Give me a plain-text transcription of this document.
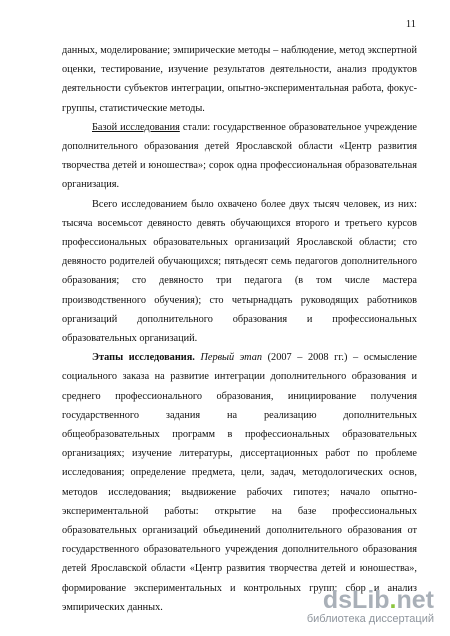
11

данных, моделирование; эмпирические методы – наблюдение, метод экспертной оценки, тестирование, изучение результатов деятельности, анализ продуктов деятельности субъектов интеграции, опытно-экспериментальная работа, фокус-группы, статистические методы.

Базой исследования стали: государственное образовательное учреждение дополнительного образования детей Ярославской области «Центр развития творчества детей и юношества»; сорок одна профессиональная образовательная организация.

Всего исследованием было охвачено более двух тысяч человек, из них: тысяча восемьсот девяносто девять обучающихся второго и третьего курсов профессиональных образовательных организаций Ярославской области; сто девяносто родителей обучающихся; пятьдесят семь педагогов дополнительного образования; сто девяносто три педагога (в том числе мастера производственного обучения); сто четырнадцать руководящих работников организаций дополнительного образования и профессиональных образовательных организаций.

Этапы исследования. Первый этап (2007 – 2008 гг.) – осмысление социального заказа на развитие интеграции дополнительного образования и среднего профессионального образования, инициирование получения государственного задания на реализацию дополнительных общеобразовательных программ в профессиональных образовательных организациях; изучение литературы, диссертационных работ по проблеме исследования; определение предмета, цели, задач, методологических основ, методов исследования; выдвижение рабочих гипотез; начало опытно-экспериментальной работы: открытие на базе профессиональных образовательных организаций объединений дополнительного образования от государственного образовательного учреждения дополнительного образования детей Ярославской области «Центр развития творчества детей и юношества», формирование экспериментальных и контрольных групп; сбор и анализ эмпирических данных.	dsLib.net
библиотека диссертаций
